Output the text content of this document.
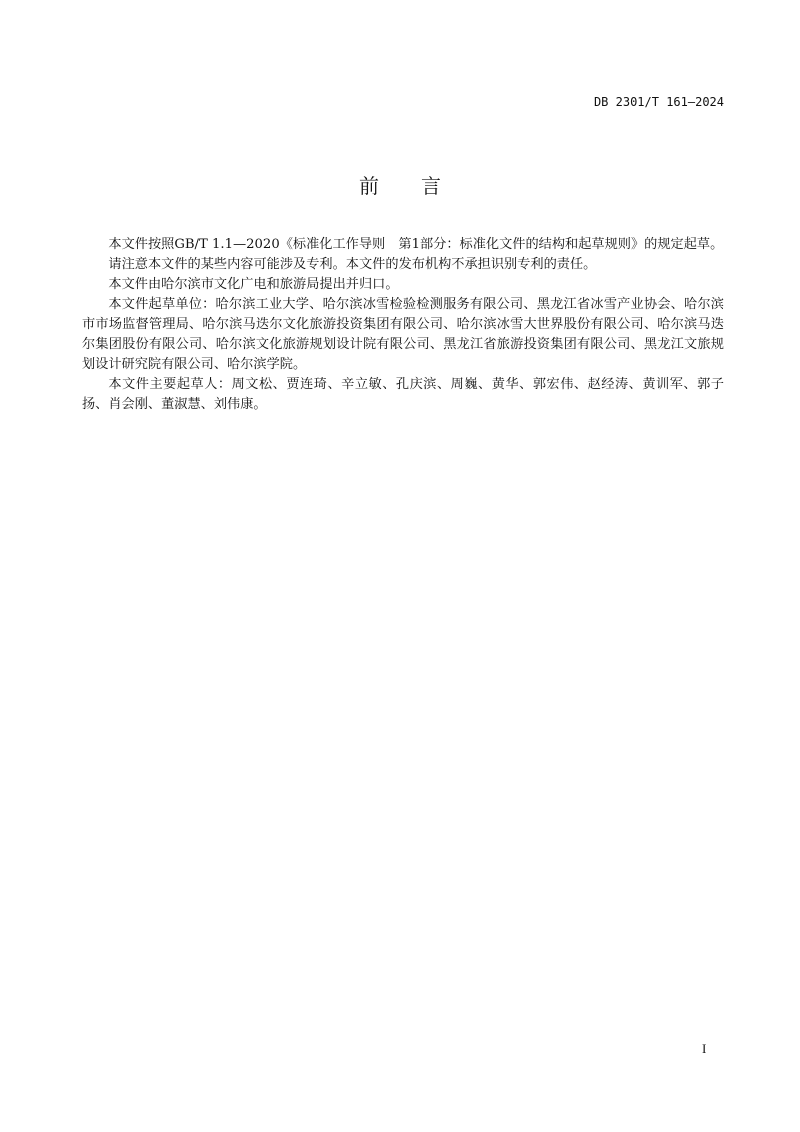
DB 2301/T 161—2024
前 言

本文件按照GB/T 1.1—2020《标准化工作导则　第1部分：标准化文件的结构和起草规则》的规定起草。

请注意本文件的某些内容可能涉及专利。本文件的发布机构不承担识别专利的责任。

本文件由哈尔滨市文化广电和旅游局提出并归口。

本文件起草单位：哈尔滨工业大学、哈尔滨冰雪检验检测服务有限公司、黑龙江省冰雪产业协会、哈尔滨市市场监督管理局、哈尔滨马迭尔文化旅游投资集团有限公司、哈尔滨冰雪大世界股份有限公司、哈尔滨马迭尔集团股份有限公司、哈尔滨文化旅游规划设计院有限公司、黑龙江省旅游投资集团有限公司、黑龙江文旅规划设计研究院有限公司、哈尔滨学院。

本文件主要起草人：周文松、贾连琦、辛立敏、孔庆滨、周巍、黄华、郭宏伟、赵经涛、黄训军、郭子扬、肖会刚、董淑慧、刘伟康。

I
